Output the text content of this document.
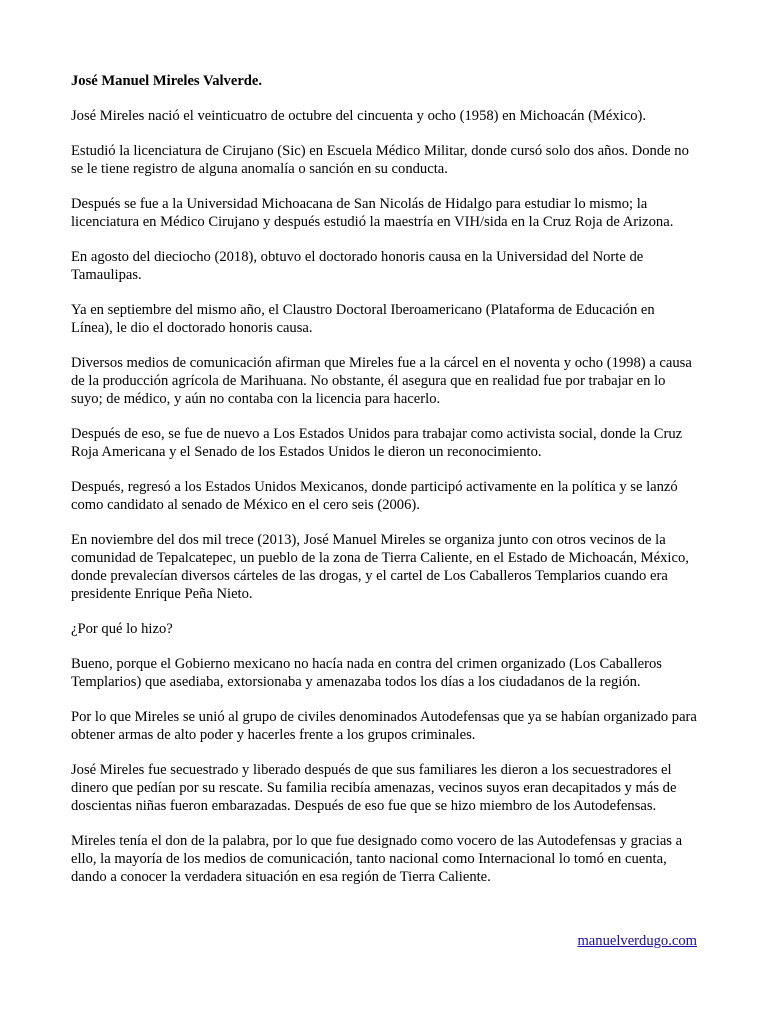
José Manuel Mireles Valverde.

José Mireles nació el veinticuatro de octubre del cincuenta y ocho (1958) en Michoacán (México).

Estudió la licenciatura de Cirujano (Sic) en Escuela Médico Militar, donde cursó solo dos años. Donde no se le tiene registro de alguna anomalía o sanción en su conducta.

Después se fue a la Universidad Michoacana de San Nicolás de Hidalgo para estudiar lo mismo; la licenciatura en Médico Cirujano y después estudió la maestría en VIH/sida en la Cruz Roja de Arizona.

En agosto del dieciocho (2018), obtuvo el doctorado honoris causa en la Universidad del Norte de Tamaulipas.

Ya en septiembre del mismo año, el Claustro Doctoral Iberoamericano (Plataforma de Educación en Línea), le dio el doctorado honoris causa.

Diversos medios de comunicación afirman que Mireles fue a la cárcel en el noventa y ocho (1998) a causa de la producción agrícola de Marihuana. No obstante, él asegura que en realidad fue por trabajar en lo suyo; de médico, y aún no contaba con la licencia para hacerlo.

Después de eso, se fue de nuevo a Los Estados Unidos para trabajar como activista social, donde la Cruz Roja Americana y el Senado de los Estados Unidos le dieron un reconocimiento.

Después, regresó a los Estados Unidos Mexicanos, donde participó activamente en la política y se lanzó como candidato al senado de México en el cero seis (2006).

En noviembre del dos mil trece (2013), José Manuel Mireles se organiza junto con otros vecinos de la comunidad de Tepalcatepec, un pueblo de la zona de Tierra Caliente, en el Estado de Michoacán, México, donde prevalecían diversos cárteles de las drogas, y el cartel de Los Caballeros Templarios cuando era presidente Enrique Peña Nieto.

¿Por qué lo hizo?

Bueno, porque el Gobierno mexicano no hacía nada en contra del crimen organizado (Los Caballeros Templarios) que asediaba, extorsionaba y amenazaba todos los días a los ciudadanos de la región.

Por lo que Mireles se unió al grupo de civiles denominados Autodefensas que ya se habían organizado para obtener armas de alto poder y hacerles frente a los grupos criminales.

José Mireles fue secuestrado y liberado después de que sus familiares les dieron a los secuestradores el dinero que pedían por su rescate. Su familia recibía amenazas, vecinos suyos eran decapitados y más de doscientas niñas fueron embarazadas. Después de eso fue que se hizo miembro de los Autodefensas.

Mireles tenía el don de la palabra, por lo que fue designado como vocero de las Autodefensas y gracias a ello, la mayoría de los medios de comunicación, tanto nacional como Internacional lo tomó en cuenta, dando a conocer la verdadera situación en esa región de Tierra Caliente.

manuelverdugo.com
